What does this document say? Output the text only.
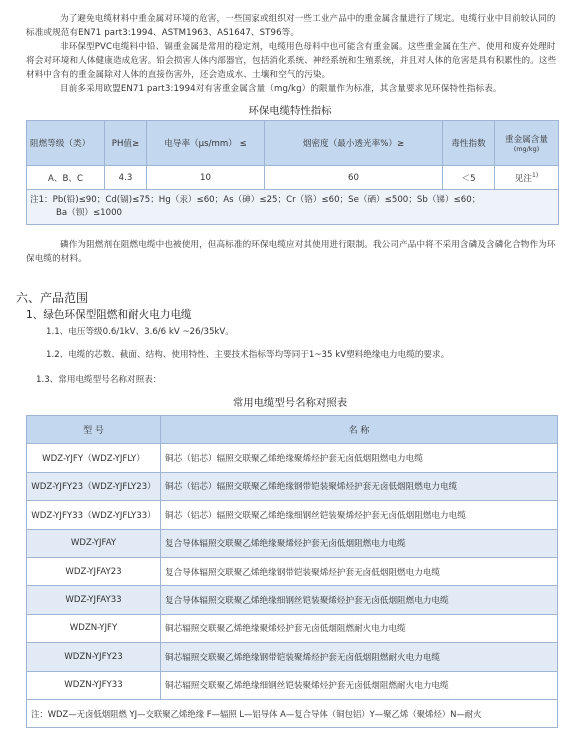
为了避免电缆材料中重金属对环境的危害，一些国家或组织对一些工业产品中的重金属含量进行了规定。电缆行业中目前较认同的标准或规范有EN71 part3:1994、ASTM1963、AS1647、ST96等。

非环保型PVC电缆料中铅、镉重金属是常用的稳定剂，电缆用色母料中也可能含有重金属。这些重金属在生产、使用和废弃处理时将会对环境和人体健康造成危害。铅会损害人体内部器官，包括消化系统、神经系统和生殖系统，并且对人体的危害是具有积累性的。这些材料中含有的重金属除对人体的直接伤害外，还会造成水、土壤和空气的污染。

目前多采用欧盟EN71 part3:1994对有害重金属含量（mg/kg）的限量作为标准，其含量要求见环保特性指标表。

环保电缆特性指标
阻燃等级（类）	PH值≥	电导率（μs/mm） ≤	烟密度（最小透光率%）≥	毒性指数	重金属含量
(mg/kg)

A、B、C	4.3	10	60	＜5	见注$^{1)}$

注1：Pb(铅)≤90；Cd(镉)≤75；Hg（汞）≤60；As（砷）≤25；Cr（铬）≤60；Se（硒）≤500；Sb（锑）≤60；
Ba（钡）≤1000					

磷作为阻燃剂在阻燃电缆中也被使用，但高标准的环保电缆应对其使用进行限制。我公司产品中将不采用含磷及含磷化合物作为环保电缆的材料。

六、产品范围
1、绿色环保型阻燃和耐火电力电缆
1.1、电压等级0.6/1kV、3.6/6 kV ~26/35kV。
1.2、电缆的芯数、截面、结构、使用特性、主要技术指标等均等同于1~35 kV塑料绝缘电力电缆的要求。
1.3、常用电缆型号名称对照表：
常用电缆型号名称对照表
型 号	名 称
WDZ-YJFY（WDZ-YJFLY）	铜芯（铝芯）辐照交联聚乙烯绝缘聚烯烃护套无卤低烟阻燃电力电缆
WDZ-YJFY23（WDZ-YJFLY23）	铜芯（铝芯）辐照交联聚乙烯绝缘钢带铠装聚烯烃护套无卤低烟阻燃电力电缆
WDZ-YJFY33（WDZ-YJFLY33）	铜芯（铝芯）辐照交联聚乙烯绝缘细钢丝铠装聚烯烃护套无卤低烟阻燃电力电缆
WDZ-YJFAY	复合导体辐照交联聚乙烯绝缘聚烯烃护套无卤低烟阻燃电力电缆
WDZ-YJFAY23	复合导体辐照交联聚乙烯绝缘钢带铠装聚烯烃护套无卤低烟阻燃电力电缆
WDZ-YJFAY33	复合导体辐照交联聚乙烯绝缘细钢丝铠装聚烯烃护套无卤低烟阻燃电力电缆
WDZN-YJFY	铜芯辐照交联聚乙烯绝缘聚烯烃护套无卤低烟阻燃耐火电力电缆
WDZN-YJFY23	铜芯辐照交联聚乙烯绝缘钢带铠装聚烯烃护套无卤低烟阻燃耐火电力电缆
WDZN-YJFY33	铜芯辐照交联聚乙烯绝缘细钢丝铠装聚烯烃护套无卤低烟阻燃耐火电力电缆
注：WDZ—无卤低烟阻燃 YJ—交联聚乙烯绝缘 F—辐照 L—铝导体 A—复合导体（铜包铝）Y—聚乙烯（聚烯烃）N—耐火	
